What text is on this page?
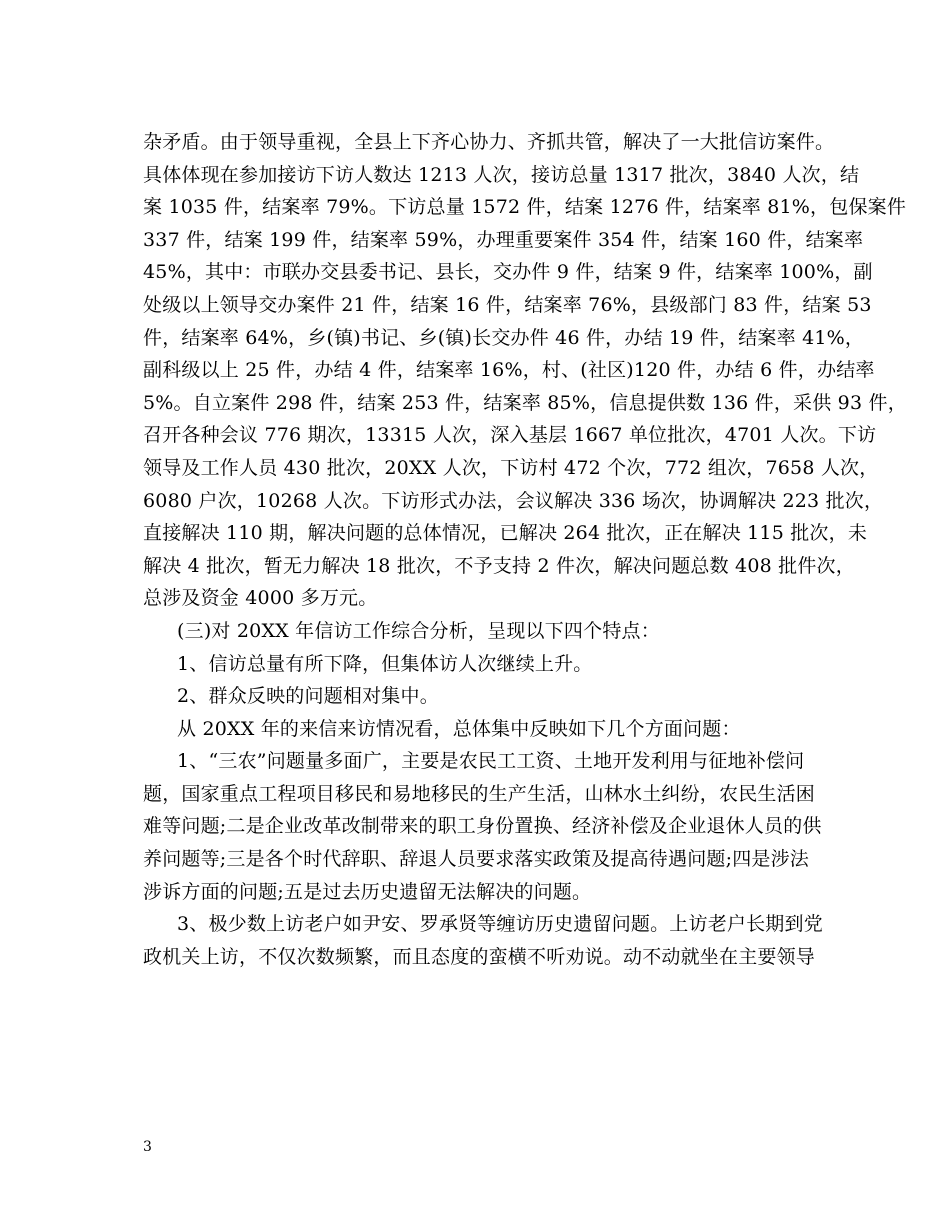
杂矛盾。由于领导重视，全县上下齐心协力、齐抓共管，解决了一大批信访案件。
具体体现在参加接访下访人数达 1213 人次，接访总量 1317 批次，3840 人次，结
案 1035 件，结案率 79%。下访总量 1572 件，结案 1276 件，结案率 81%，包保案件
337 件，结案 199 件，结案率 59%，办理重要案件 354 件，结案 160 件，结案率
45%，其中：市联办交县委书记、县长，交办件 9 件，结案 9 件，结案率 100%，副
处级以上领导交办案件 21 件，结案 16 件，结案率 76%，县级部门 83 件，结案 53
件，结案率 64%，乡(镇)书记、乡(镇)长交办件 46 件，办结 19 件，结案率 41%，
副科级以上 25 件，办结 4 件，结案率 16%，村、(社区)120 件，办结 6 件，办结率
5%。自立案件 298 件，结案 253 件，结案率 85%，信息提供数 136 件，采供 93 件，
召开各种会议 776 期次，13315 人次，深入基层 1667 单位批次，4701 人次。下访
领导及工作人员 430 批次，20XX 人次，下访村 472 个次，772 组次，7658 人次，
6080 户次，10268 人次。下访形式办法，会议解决 336 场次，协调解决 223 批次，
直接解决 110 期，解决问题的总体情况，已解决 264 批次，正在解决 115 批次，未
解决 4 批次，暂无力解决 18 批次，不予支持 2 件次，解决问题总数 408 批件次，
总涉及资金 4000 多万元。
(三)对 20XX 年信访工作综合分析，呈现以下四个特点：
1、信访总量有所下降，但集体访人次继续上升。
2、群众反映的问题相对集中。
从 20XX 年的来信来访情况看，总体集中反映如下几个方面问题：
1、“三农”问题量多面广，主要是农民工工资、土地开发利用与征地补偿问
题，国家重点工程项目移民和易地移民的生产生活，山林水土纠纷，农民生活困
难等问题;二是企业改革改制带来的职工身份置换、经济补偿及企业退休人员的供
养问题等;三是各个时代辞职、辞退人员要求落实政策及提高待遇问题;四是涉法
涉诉方面的问题;五是过去历史遗留无法解决的问题。
3、极少数上访老户如尹安、罗承贤等缠访历史遗留问题。上访老户长期到党
政机关上访，不仅次数频繁，而且态度的蛮横不听劝说。动不动就坐在主要领导
3
